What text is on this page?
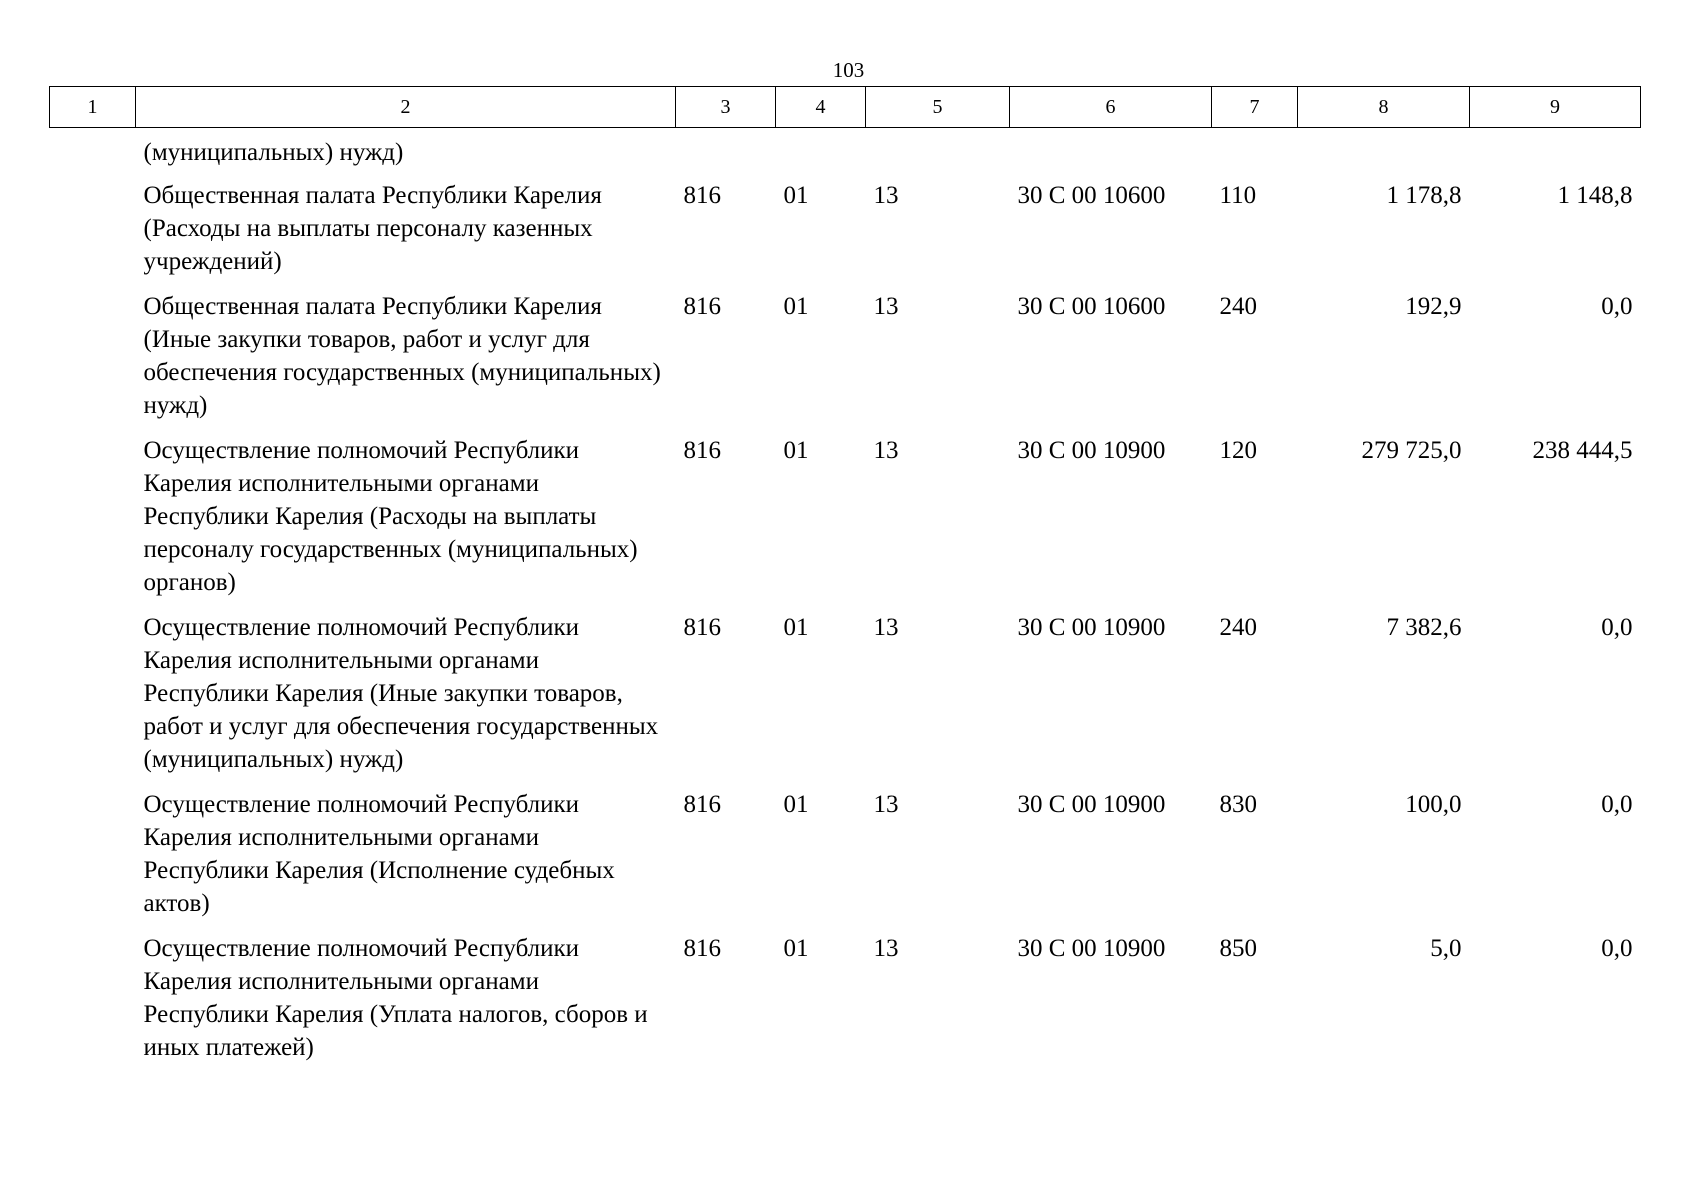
103
1	2	3	4	5	6	7	8	9
	(муниципальных) нужд)							
	Общественная палата Республики Карелия (Расходы на выплаты персоналу казенных учреждений)	816	01	13	30 С 00 10600	110	1 178,8	1 148,8
	Общественная палата Республики Карелия (Иные закупки товаров, работ и услуг для обеспечения государственных (муниципальных) нужд)	816	01	13	30 С 00 10600	240	192,9	0,0
	Осуществление полномочий Республики Карелия исполнительными органами Республики Карелия (Расходы на выплаты персоналу государственных (муниципальных) органов)	816	01	13	30 С 00 10900	120	279 725,0	238 444,5
	Осуществление полномочий Республики Карелия исполнительными органами Республики Карелия (Иные закупки товаров, работ и услуг для обеспечения государственных (муниципальных) нужд)	816	01	13	30 С 00 10900	240	7 382,6	0,0
	Осуществление полномочий Республики Карелия исполнительными органами Республики Карелия (Исполнение судебных актов)	816	01	13	30 С 00 10900	830	100,0	0,0
	Осуществление полномочий Республики Карелия исполнительными органами Республики Карелия (Уплата налогов, сборов и иных платежей)	816	01	13	30 С 00 10900	850	5,0	0,0
